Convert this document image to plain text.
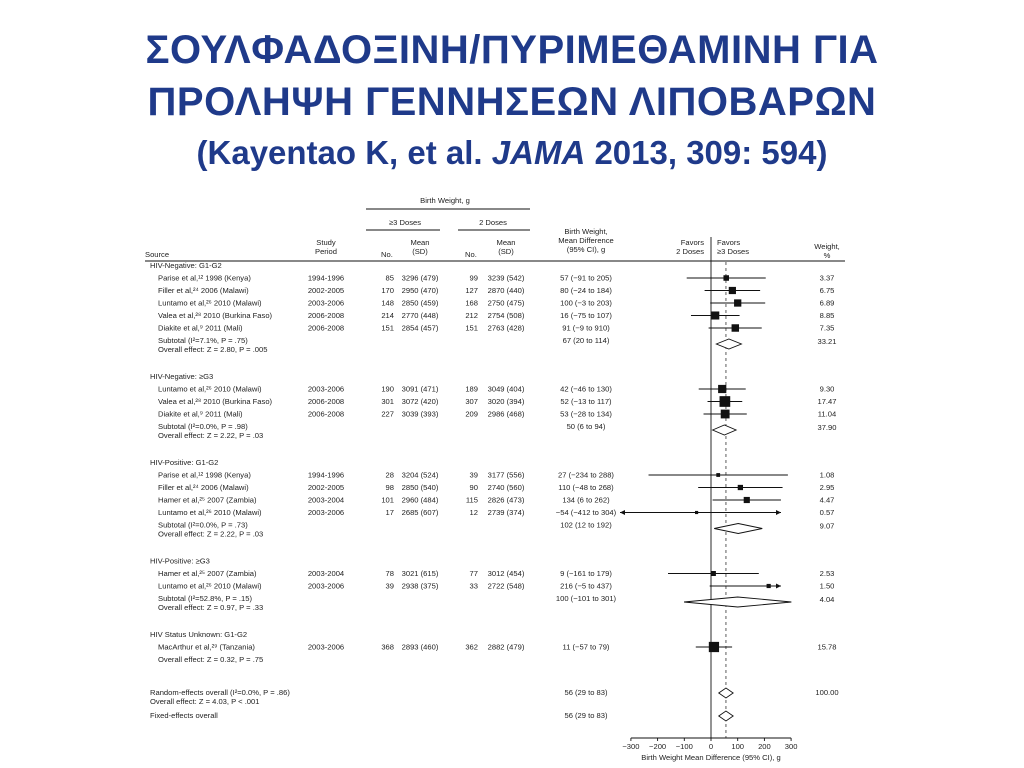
ΣΟΥΛΦΑΔΟΞΙΝΗ/ΠΥΡΙΜΕΘΑΜΙΝΗ ΓΙΑ
ΠΡΟΛΗΨΗ ΓΕΝΝΗΣΕΩΝ ΛΙΠΟΒΑΡΩΝ
(Kayentao K, et al. JAMA 2013, 309: 594)
Birth Weight, g
≥3 Doses	2 Doses
Source
Study
Period	No.
Mean
(SD)	No.
Mean
(SD)
Birth Weight,
Mean Difference
(95% CI), g
Favors
2 Doses
Favors
≥3 Doses
Weight,
%
HIV-Negative: G1-G2
Parise et al,¹² 1998 (Kenya)	1994-1996	85 3296 (479)	99 3239 (542)	57 (−91 to 205)	3.37
Filler et al,²⁴ 2006 (Malawi)	2002-2005	170 2950 (470)	127 2870 (440)	80 (−24 to 184)	6.75
Luntamo et al,²⁶ 2010 (Malawi)	2003-2006	148 2850 (459)	168 2750 (475)	100 (−3 to 203)	6.89
Valea et al,²⁸ 2010 (Burkina Faso)	2006-2008	214 2770 (448)	212 2754 (508)	16 (−75 to 107)	8.85
Diakite et al,⁹ 2011 (Mali)	2006-2008	151 2854 (457)	151 2763 (428)	91 (−9 to 910)	7.35
Subtotal (I²=7.1%, P = .75)	67 (20 to 114)	33.21
Overall effect: Z = 2.80, P = .005
HIV-Negative: ≥G3
Luntamo et al,²⁶ 2010 (Malawi)	2003-2006	190 3091 (471)	189 3049 (404)	42 (−46 to 130)	9.30
Valea et al,²⁸ 2010 (Burkina Faso)	2006-2008	301 3072 (420)	307 3020 (394)	52 (−13 to 117)	17.47
Diakite et al,⁹ 2011 (Mali)	2006-2008	227 3039 (393)	209 2986 (468)	53 (−28 to 134)	11.04
Subtotal (I²=0.0%, P = .98)	50 (6 to 94)	37.90
Overall effect: Z = 2.22, P = .03
HIV-Positive: G1-G2
Parise et al,¹² 1998 (Kenya)	1994-1996	28 3204 (524)	39 3177 (556)	27 (−234 to 288)	1.08
Filler et al,²⁴ 2006 (Malawi)	2002-2005	98 2850 (540)	90 2740 (560)	110 (−48 to 268)	2.95
Hamer et al,²⁵ 2007 (Zambia)	2003-2004	101 2960 (484)	115 2826 (473)	134 (6 to 262)	4.47
Luntamo et al,²⁶ 2010 (Malawi)	2003-2006	17 2685 (607)	12 2739 (374)	−54 (−412 to 304)	0.57
Subtotal (I²=0.0%, P = .73)	102 (12 to 192)	9.07
Overall effect: Z = 2.22, P = .03
HIV-Positive: ≥G3
Hamer et al,²⁵ 2007 (Zambia)	2003-2004	78 3021 (615)	77 3012 (454)	9 (−161 to 179)	2.53
Luntamo et al,²⁶ 2010 (Malawi)	2003-2006	39 2938 (375)	33 2722 (548)	216 (−5 to 437)	1.50
Subtotal (I²=52.8%, P = .15)	100 (−101 to 301)	4.04
Overall effect: Z = 0.97, P = .33
HIV Status Unknown: G1-G2
MacArthur et al,²⁹ (Tanzania)	2003-2006	368 2893 (460)	362 2882 (479)	11 (−57 to 79)	15.78
Overall effect: Z = 0.32, P = .75
Random-effects overall (I²=0.0%, P = .86)	56 (29 to 83)	100.00
Overall effect: Z = 4.03, P < .001
Fixed-effects overall	56 (29 to 83)
−300 −200 −100 0 100 200 300
Birth Weight Mean Difference (95% CI), g
